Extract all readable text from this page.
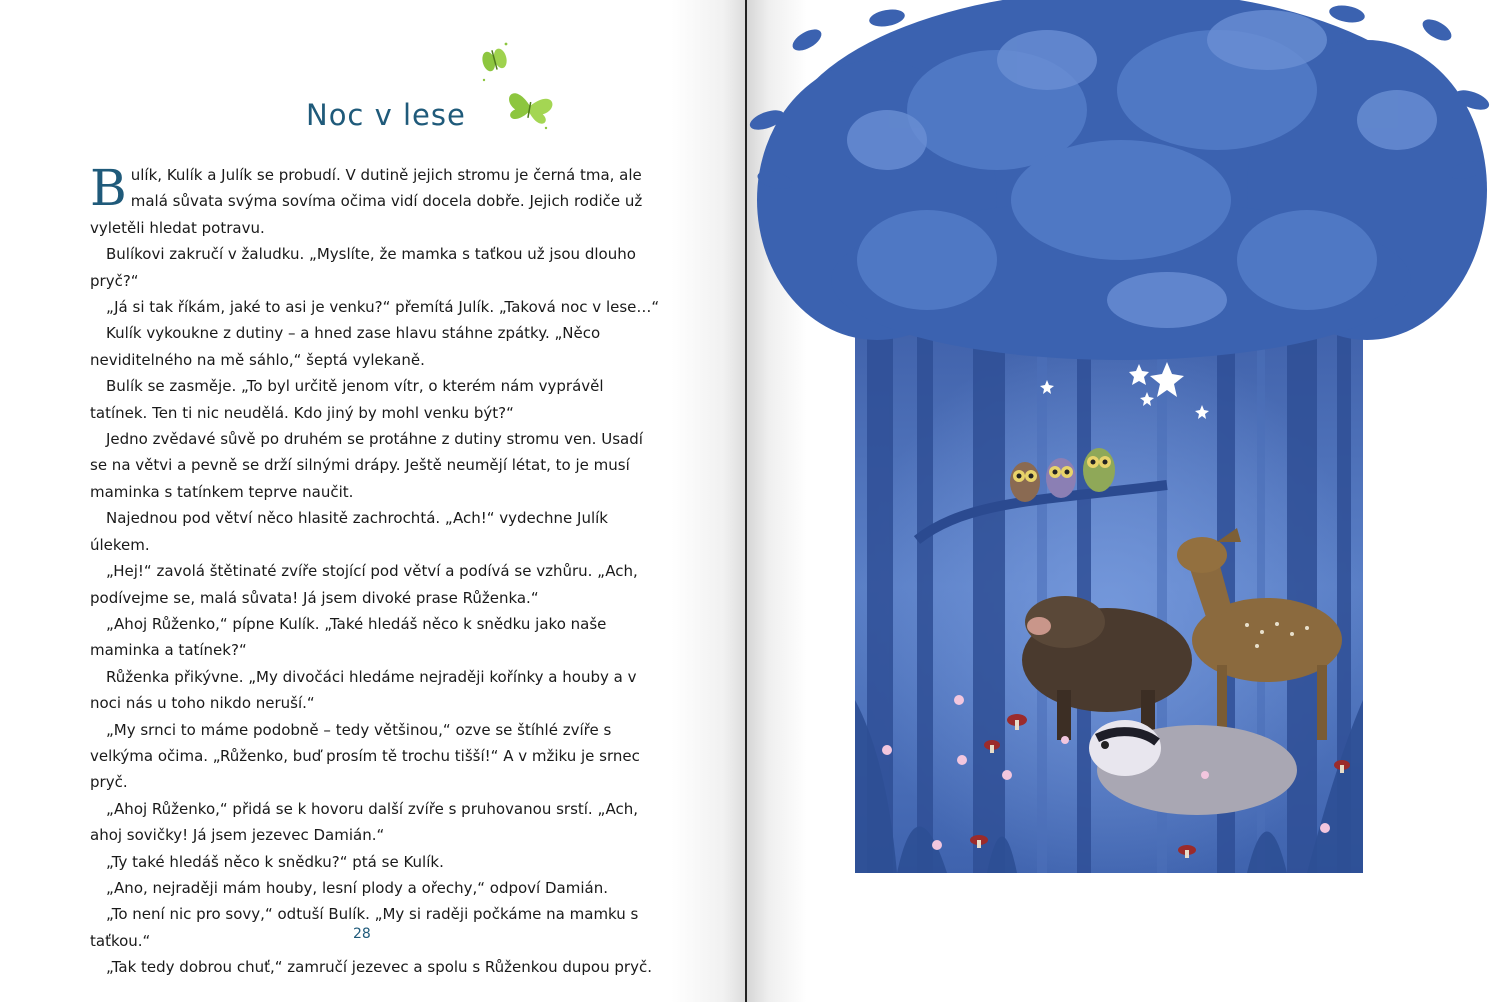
Noc v lese

Bulík, Kulík a Julík se probudí. V dutině jejich stromu je černá tma, ale malá sůvata svýma sovíma očima vidí docela dobře. Jejich rodiče už vyletěli hledat potravu.

Bulíkovi zakručí v žaludku. „Myslíte, že mamka s taťkou už jsou dlouho pryč?“

„Já si tak říkám, jaké to asi je venku?“ přemítá Julík. „Taková noc v lese…“

Kulík vykoukne z dutiny – a hned zase hlavu stáhne zpátky. „Něco neviditelného na mě sáhlo,“ šeptá vylekaně.

Bulík se zasměje. „To byl určitě jenom vítr, o kterém nám vyprávěl tatínek. Ten ti nic neudělá. Kdo jiný by mohl venku být?“

Jedno zvědavé sůvě po druhém se protáhne z dutiny stromu ven. Usadí se na větvi a pevně se drží silnými drápy. Ještě neumějí létat, to je musí maminka s tatínkem teprve naučit.

Najednou pod větví něco hlasitě zachrochtá. „Ach!“ vydechne Julík úlekem.

„Hej!“ zavolá štětinaté zvíře stojící pod větví a podívá se vzhůru. „Ach, podívejme se, malá sůvata! Já jsem divoké prase Růženka.“

„Ahoj Růženko,“ pípne Kulík. „Také hledáš něco k snědku jako naše maminka a tatínek?“

Růženka přikývne. „My divočáci hledáme nejraději kořínky a houby a v noci nás u toho nikdo neruší.“

„My srnci to máme podobně – tedy většinou,“ ozve se štíhlé zvíře s velkýma očima. „Růženko, buď prosím tě trochu tišší!“ A v mžiku je srnec pryč.

„Ahoj Růženko,“ přidá se k hovoru další zvíře s pruhovanou srstí. „Ach, ahoj sovičky! Já jsem jezevec Damián.“

„Ty také hledáš něco k snědku?“ ptá se Kulík.

„Ano, nejraději mám houby, lesní plody a ořechy,“ odpoví Damián.

„To není nic pro sovy,“ odtuší Bulík. „My si raději počkáme na mamku s taťkou.“

„Tak tedy dobrou chuť,“ zamručí jezevec a spolu s Růženkou dupou pryč.

28
